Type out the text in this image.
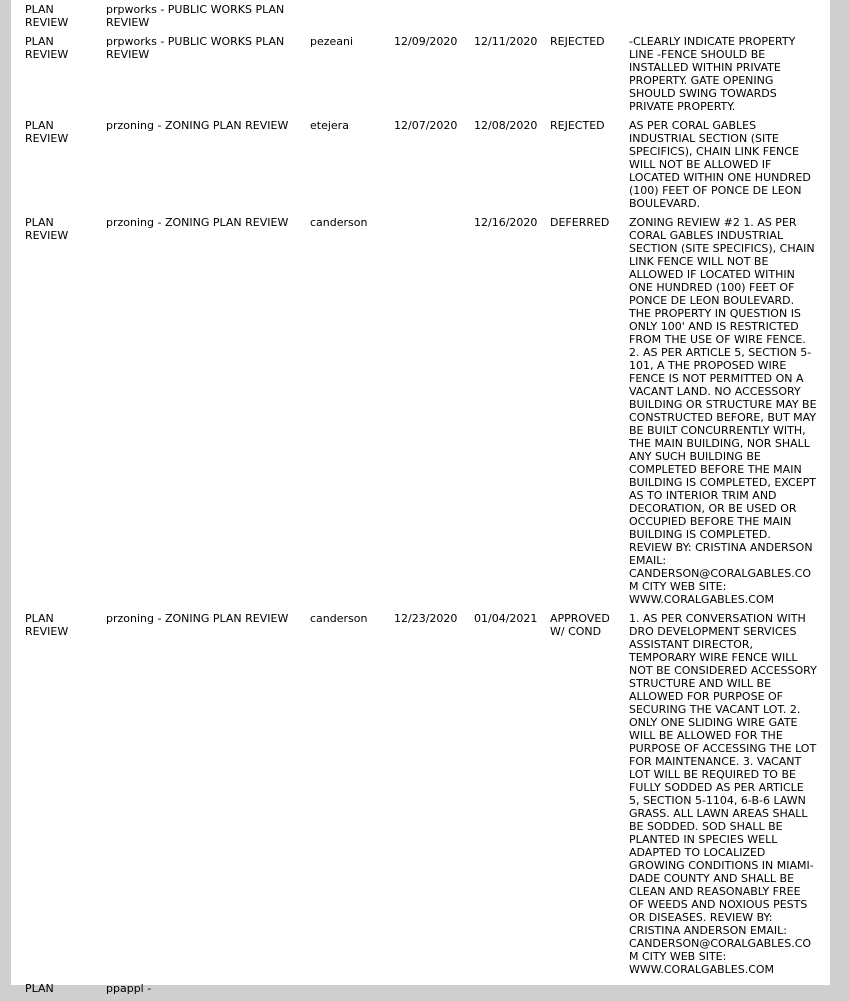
PLAN REVIEW	prpworks - PUBLIC WORKS PLAN REVIEW					
PLAN REVIEW	prpworks - PUBLIC WORKS PLAN REVIEW	pezeani	12/09/2020	12/11/2020	REJECTED	-CLEARLY INDICATE PROPERTY LINE -FENCE SHOULD BE INSTALLED WITHIN PRIVATE PROPERTY. GATE OPENING SHOULD SWING TOWARDS PRIVATE PROPERTY.
PLAN REVIEW	przoning - ZONING PLAN REVIEW	etejera	12/07/2020	12/08/2020	REJECTED	AS PER CORAL GABLES INDUSTRIAL SECTION (SITE SPECIFICS), CHAIN LINK FENCE WILL NOT BE ALLOWED IF LOCATED WITHIN ONE HUNDRED (100) FEET OF PONCE DE LEON BOULEVARD.
PLAN REVIEW	przoning - ZONING PLAN REVIEW	canderson		12/16/2020	DEFERRED	ZONING REVIEW #2 1. AS PER CORAL GABLES INDUSTRIAL SECTION (SITE SPECIFICS), CHAIN LINK FENCE WILL NOT BE ALLOWED IF LOCATED WITHIN ONE HUNDRED (100) FEET OF PONCE DE LEON BOULEVARD. THE PROPERTY IN QUESTION IS ONLY 100' AND IS RESTRICTED FROM THE USE OF WIRE FENCE. 2. AS PER ARTICLE 5, SECTION 5-101, A THE PROPOSED WIRE FENCE IS NOT PERMITTED ON A VACANT LAND. NO ACCESSORY BUILDING OR STRUCTURE MAY BE CONSTRUCTED BEFORE, BUT MAY BE BUILT CONCURRENTLY WITH, THE MAIN BUILDING, NOR SHALL ANY SUCH BUILDING BE COMPLETED BEFORE THE MAIN BUILDING IS COMPLETED, EXCEPT AS TO INTERIOR TRIM AND DECORATION, OR BE USED OR OCCUPIED BEFORE THE MAIN BUILDING IS COMPLETED. REVIEW BY: CRISTINA ANDERSON EMAIL: CANDERSON@CORALGABLES.COM CITY WEB SITE: WWW.CORALGABLES.COM
PLAN REVIEW	przoning - ZONING PLAN REVIEW	canderson	12/23/2020	01/04/2021	APPROVED W/ COND	1. AS PER CONVERSATION WITH DRO DEVELOPMENT SERVICES ASSISTANT DIRECTOR, TEMPORARY WIRE FENCE WILL NOT BE CONSIDERED ACCESSORY STRUCTURE AND WILL BE ALLOWED FOR PURPOSE OF SECURING THE VACANT LOT. 2. ONLY ONE SLIDING WIRE GATE WILL BE ALLOWED FOR THE PURPOSE OF ACCESSING THE LOT FOR MAINTENANCE. 3. VACANT LOT WILL BE REQUIRED TO BE FULLY SODDED AS PER ARTICLE 5, SECTION 5-1104, 6-B-6 LAWN GRASS. ALL LAWN AREAS SHALL BE SODDED. SOD SHALL BE PLANTED IN SPECIES WELL ADAPTED TO LOCALIZED GROWING CONDITIONS IN MIAMI-DADE COUNTY AND SHALL BE CLEAN AND REASONABLY FREE OF WEEDS AND NOXIOUS PESTS OR DISEASES. REVIEW BY: CRISTINA ANDERSON EMAIL: CANDERSON@CORALGABLES.COM CITY WEB SITE: WWW.CORALGABLES.COM
PLAN	ppappl -					
